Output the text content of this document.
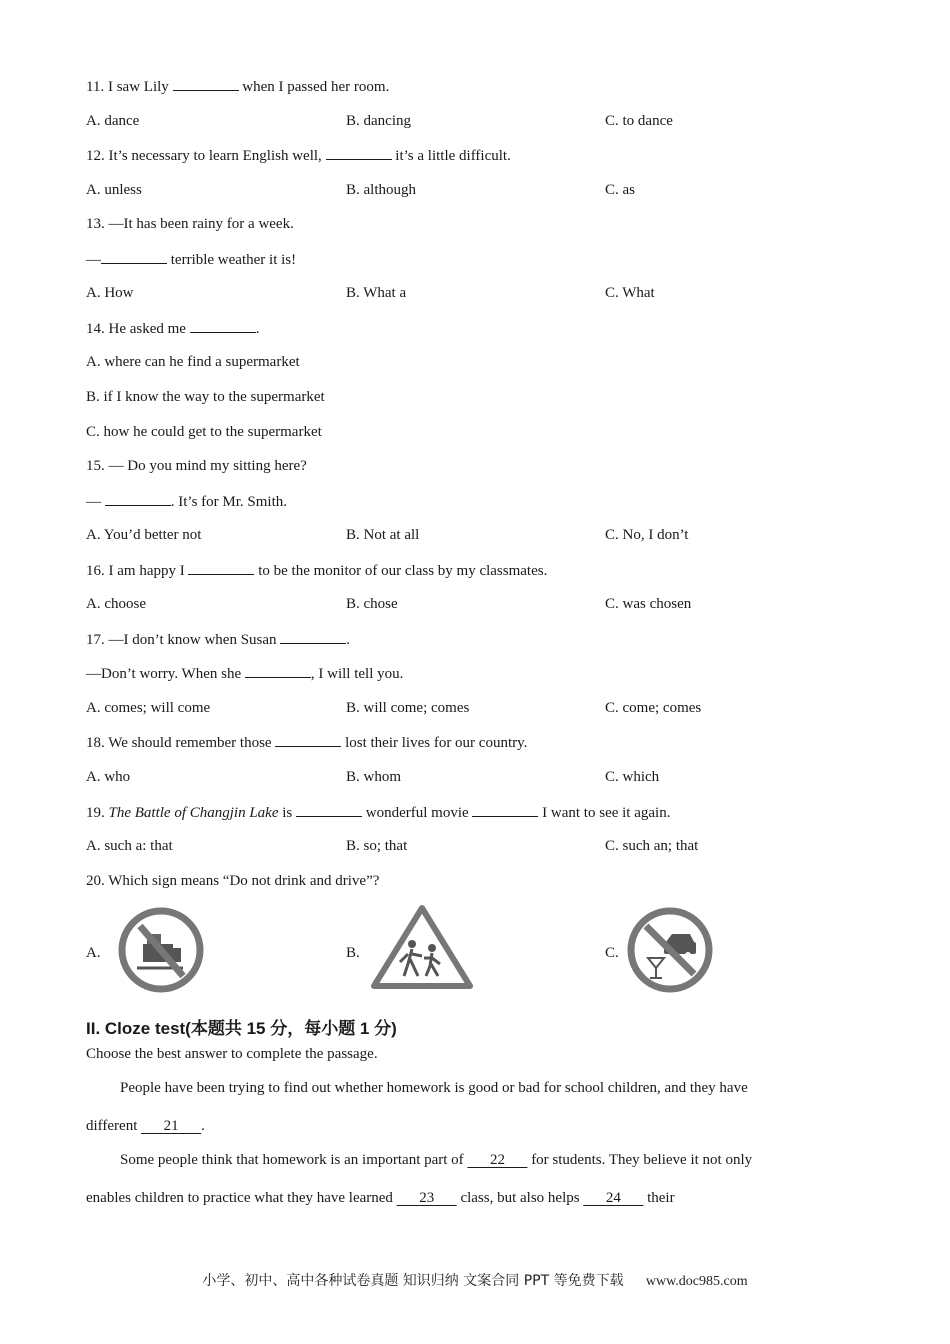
11. I saw Lily	when I passed her room.
A. dance	B. dancing	C. to dance
12. It’s necessary to learn English well,	it’s a little difficult.
A. unless	B. although	C. as
13. —It has been rainy for a week.
—	terrible weather it is!
A. How	B. What a	C. What
14. He asked me	.
A. where can he find a supermarket
B. if I know the way to the supermarket
C. how he could get to the supermarket
15. — Do you mind my sitting here?
—	. It’s for Mr. Smith.
A. You’d better not	B. Not at all	C. No, I don’t
16. I am happy I	to be the monitor of our class by my classmates.
A. choose	B. chose	C. was chosen
17. —I don’t know when Susan	.
—Don’t worry. When she	, I will tell you.
A. comes; will come	B. will come; comes	C. come; comes
18. We should remember those	lost their lives for our country.
A. who	B. whom	C. which
19. The Battle of Changjin Lake is	wonderful movie	I want to see it again.
A. such a: that	B. so; that	C. such an; that
20. Which sign means “Do not drink and drive”?
A.	B.	C.
II. Cloze test(本题共 15 分，每小题 1 分)
Choose the best answer to complete the passage.
People have been trying to find out whether homework is good or bad for school children, and they have
different 21 .
Some people think that homework is an important part of 22 for students. They believe it not only
enables children to practice what they have learned 23 class, but also helps 24 their
小学、初中、高中各种试卷真题 知识归纳 文案合同 PPT 等免费下载 www.doc985.com
